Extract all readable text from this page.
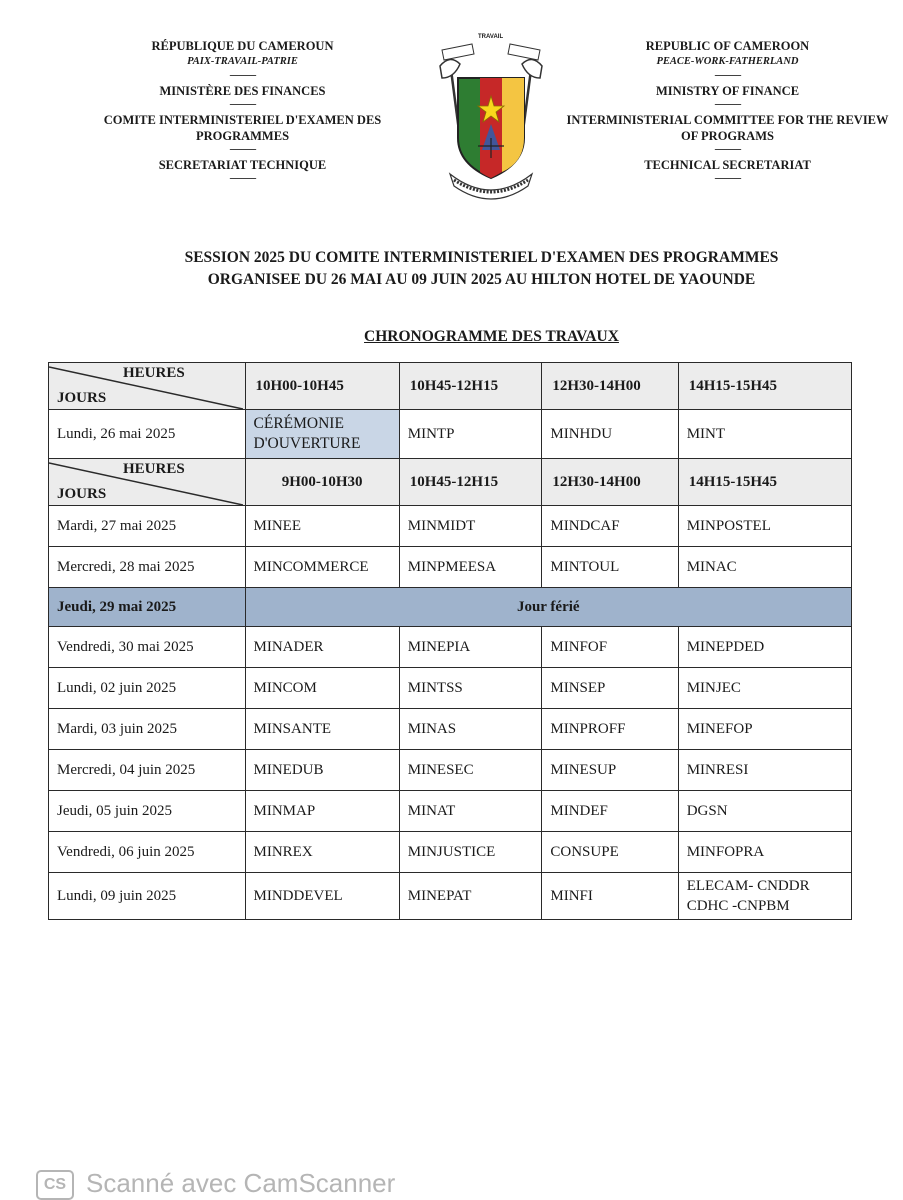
RÉPUBLIQUE DU CAMEROUN
PAIX-TRAVAIL-PATRIE
-------------
MINISTÈRE DES FINANCES
-------------
COMITE INTERMINISTERIEL D'EXAMEN DES
PROGRAMMES
-------------
SECRETARIAT TECHNIQUE
-------------
TRAVAIL
REPUBLIC OF CAMEROON
PEACE-WORK-FATHERLAND
-------------
MINISTRY OF FINANCE
-------------
INTERMINISTERIAL COMMITTEE FOR THE REVIEW
OF PROGRAMS
-------------
TECHNICAL SECRETARIAT
-------------
SESSION 2025 DU COMITE INTERMINISTERIEL D'EXAMEN DES PROGRAMMES
ORGANISEE DU 26 MAI AU 09 JUIN 2025 AU HILTON HOTEL DE YAOUNDE
CHRONOGRAMME DES TRAVAUX
HEURES
JOURS	10H00-10H45	10H45-12H15	12H30-14H00	14H15-15H45
Lundi, 26 mai 2025	CÉRÉMONIE
D'OUVERTURE	MINTP	MINHDU	MINT

HEURES
JOURS	9H00-10H30	10H45-12H15	12H30-14H00	14H15-15H45
Mardi, 27 mai 2025	MINEE	MINMIDT	MINDCAF	MINPOSTEL
Mercredi, 28 mai 2025	MINCOMMERCE	MINPMEESA	MINTOUL	MINAC
Jeudi, 29 mai 2025	Jour férié			
Vendredi, 30 mai 2025	MINADER	MINEPIA	MINFOF	MINEPDED
Lundi, 02 juin 2025	MINCOM	MINTSS	MINSEP	MINJEC
Mardi, 03 juin 2025	MINSANTE	MINAS	MINPROFF	MINEFOP
Mercredi, 04 juin 2025	MINEDUB	MINESEC	MINESUP	MINRESI
Jeudi, 05 juin 2025	MINMAP	MINAT	MINDEF	DGSN
Vendredi, 06 juin 2025	MINREX	MINJUSTICE	CONSUPE	MINFOPRA
Lundi, 09 juin 2025	MINDDEVEL	MINEPAT	MINFI	ELECAM- CNDDR
CDHC -CNPBM
CS Scanné avec CamScanner
